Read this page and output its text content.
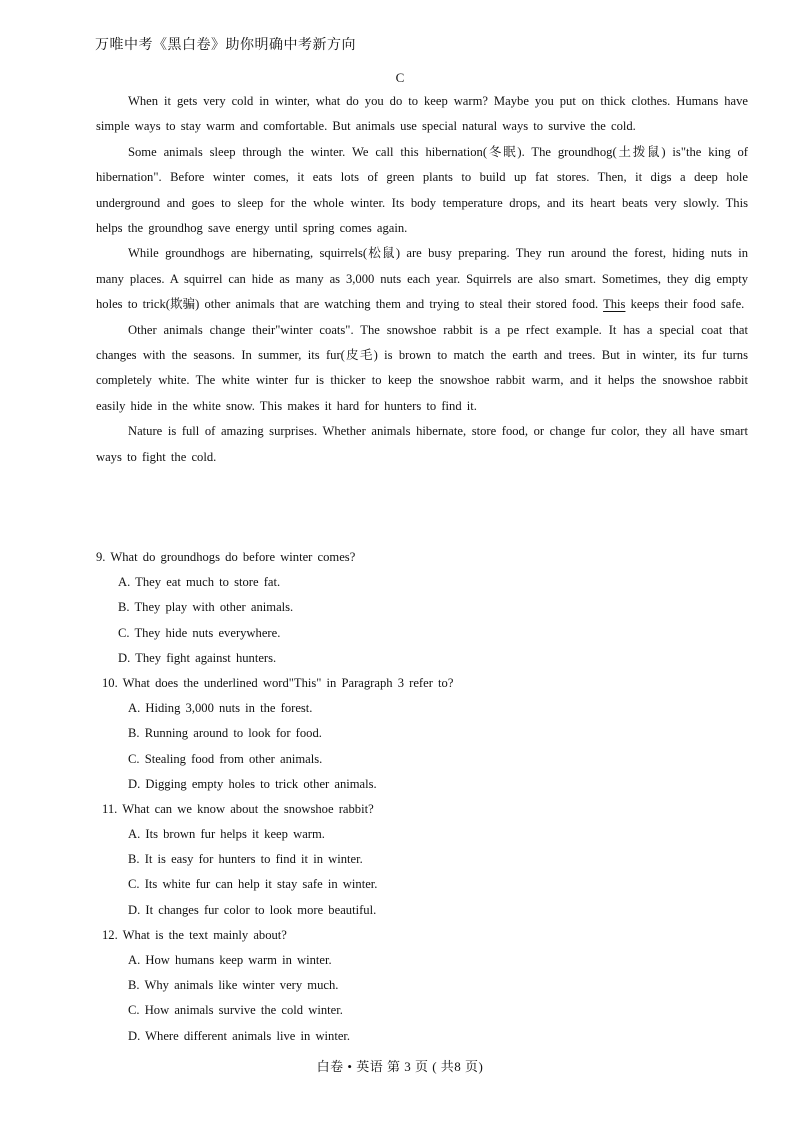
万唯中考《黑白卷》助你明确中考新方向
C

When it gets very cold in winter, what do you do to keep warm? Maybe you put on thick clothes. Humans have simple ways to stay warm and comfortable. But animals use special natural ways to survive the cold.

Some animals sleep through the winter. We call this hibernation(冬眠). The groundhog(土拨鼠) is"the king of hibernation". Before winter comes, it eats lots of green plants to build up fat stores. Then, it digs a deep hole underground and goes to sleep for the whole winter. Its body temperature drops, and its heart beats very slowly. This helps the groundhog save energy until spring comes again.

While groundhogs are hibernating, squirrels(松鼠) are busy preparing. They run around the forest, hiding nuts in many places. A squirrel can hide as many as 3,000 nuts each year. Squirrels are also smart. Sometimes, they dig empty holes to trick(欺骗) other animals that are watching them and trying to steal their stored food. This keeps their food safe.

Other animals change their"winter coats". The snowshoe rabbit is a pe rfect example. It has a special coat that changes with the seasons. In summer, its fur(皮毛) is brown to match the earth and trees. But in winter, its fur turns completely white. The white winter fur is thicker to keep the snowshoe rabbit warm, and it helps the snowshoe rabbit easily hide in the white snow. This makes it hard for hunters to find it.

Nature is full of amazing surprises. Whether animals hibernate, store food, or change fur color, they all have smart ways to fight the cold.

9. What do groundhogs do before winter comes?
A. They eat much to store fat.
B. They play with other animals.
C. They hide nuts everywhere.
D. They fight against hunters.
10. What does the underlined word"This" in Paragraph 3 refer to?
A. Hiding 3,000 nuts in the forest.
B. Running around to look for food.
C. Stealing food from other animals.
D. Digging empty holes to trick other animals.
11. What can we know about the snowshoe rabbit?
A. Its brown fur helps it keep warm.
B. It is easy for hunters to find it in winter.
C. Its white fur can help it stay safe in winter.
D. It changes fur color to look more beautiful.
12. What is the text mainly about?
A. How humans keep warm in winter.
B. Why animals like winter very much.
C. How animals survive the cold winter.
D. Where different animals live in winter.
白卷 • 英语 第 3 页 ( 共8 页)
